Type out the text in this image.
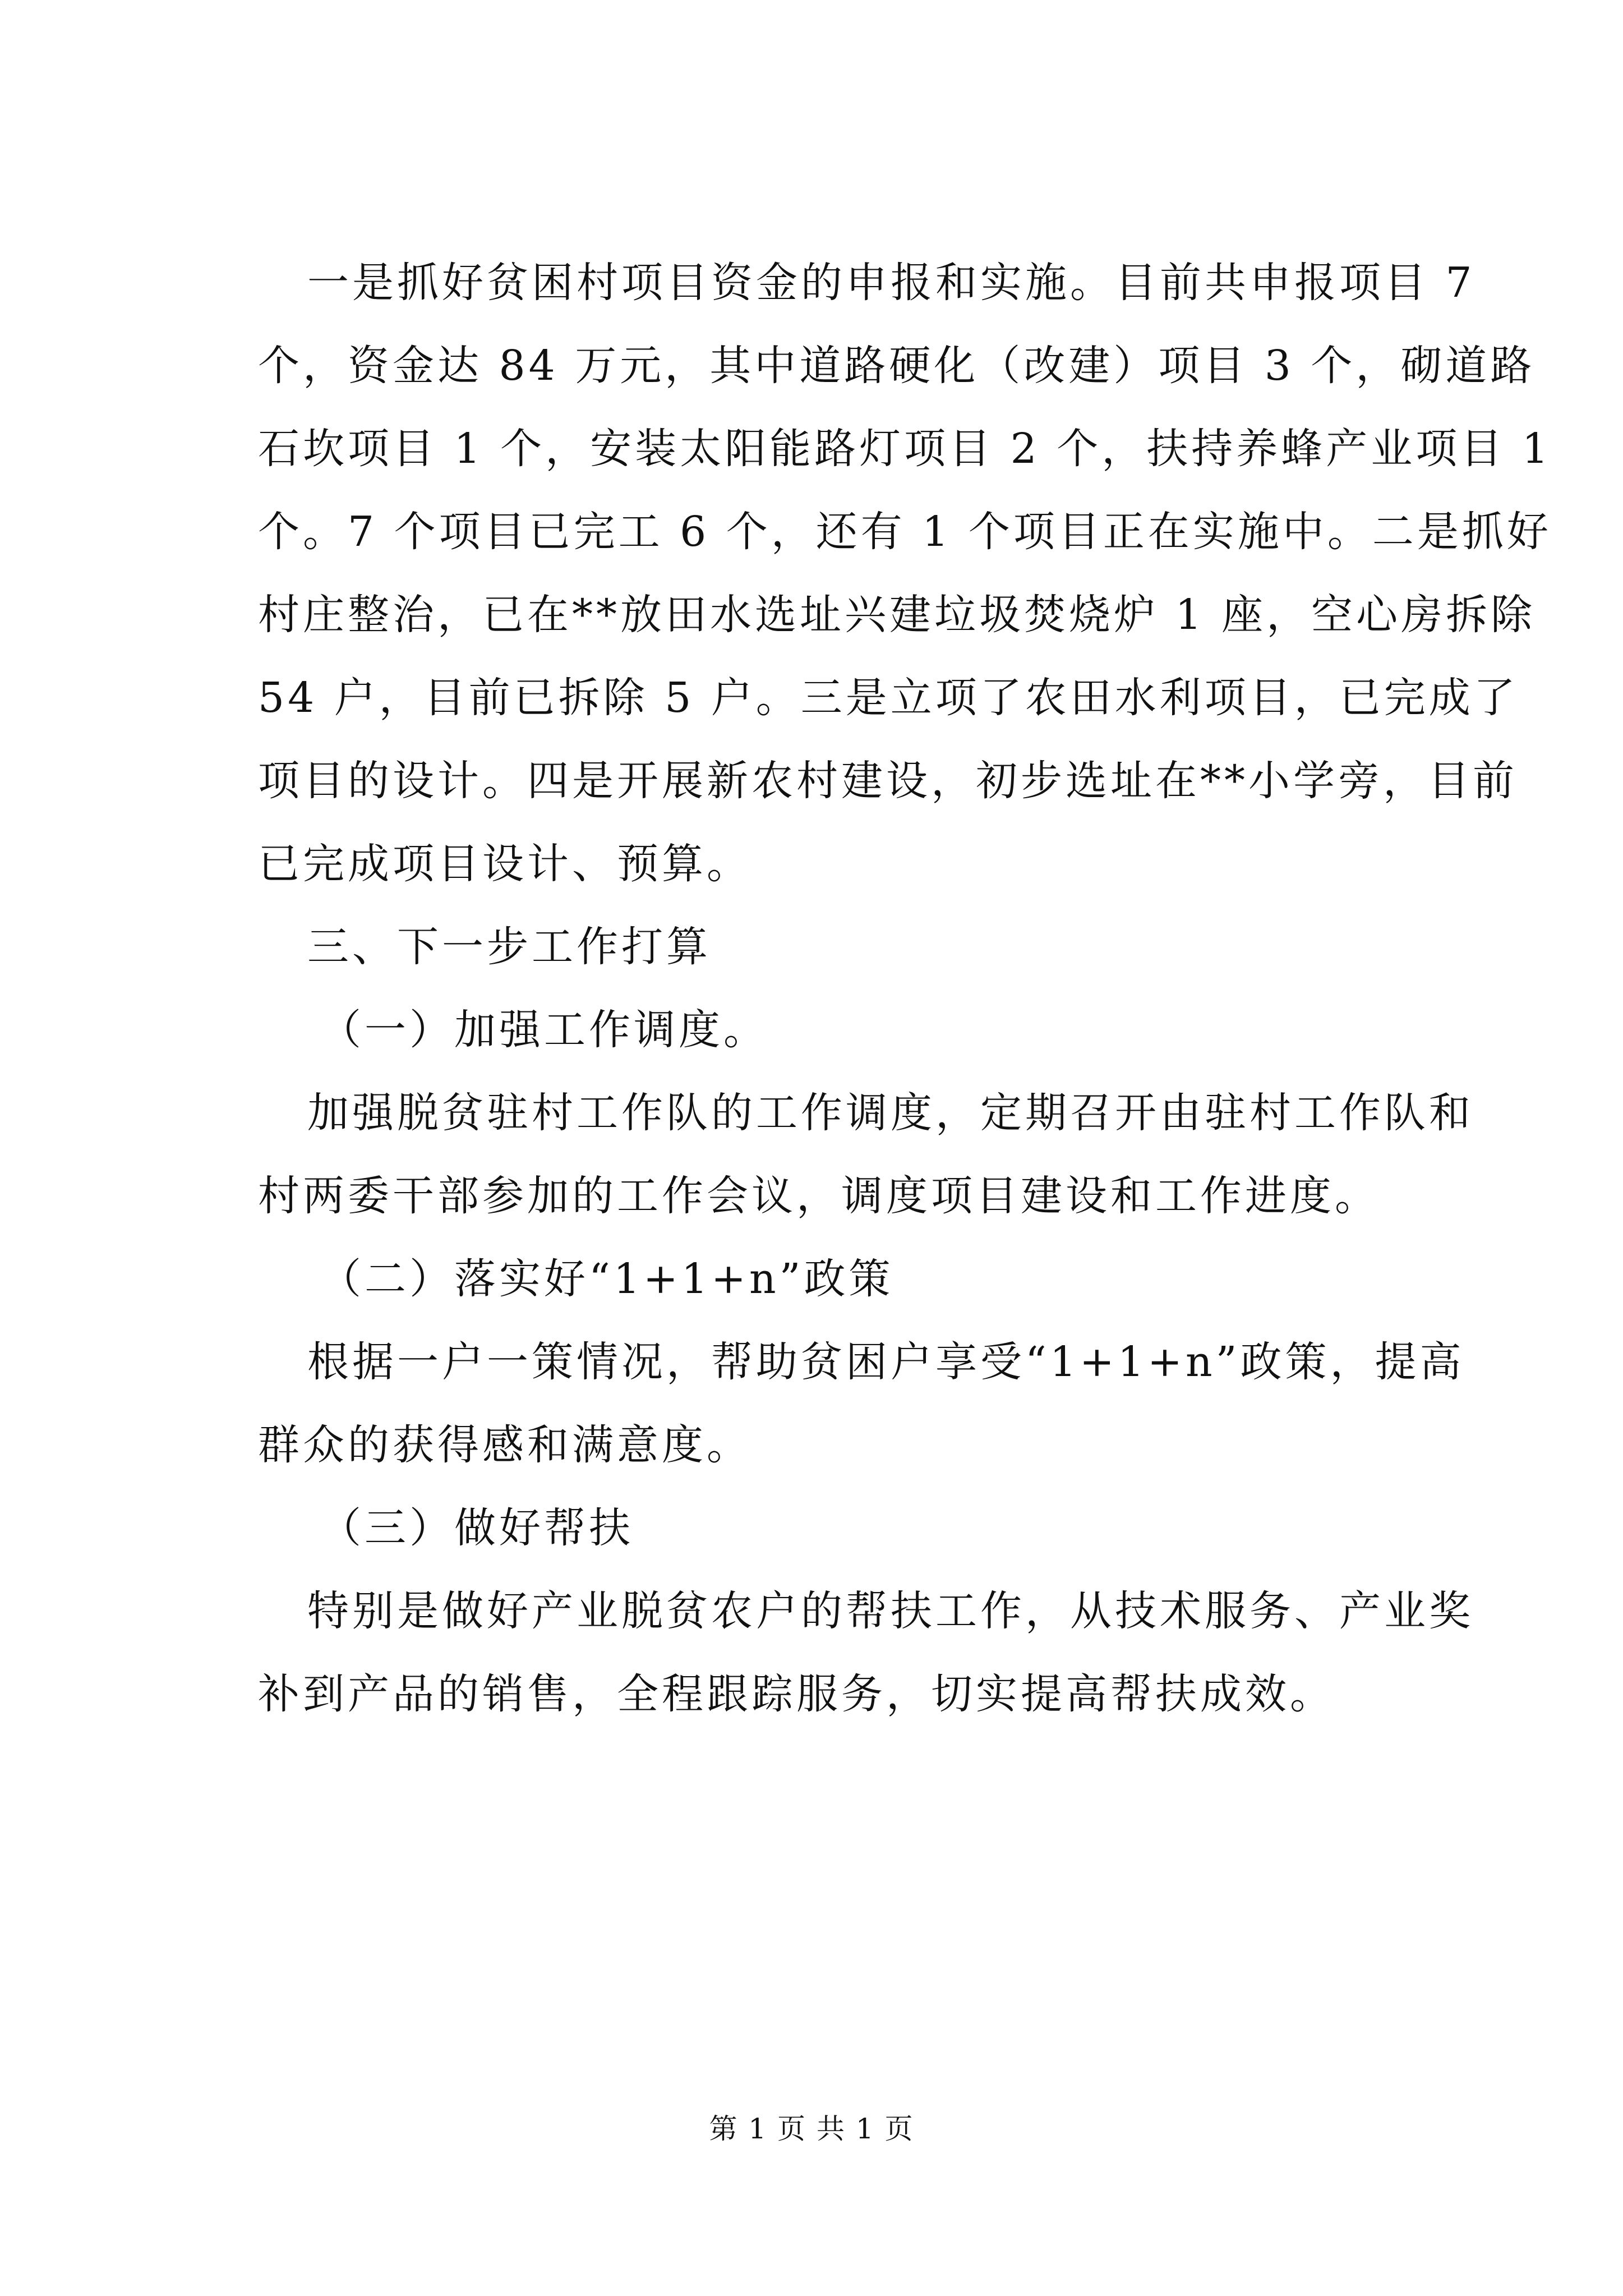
一是抓好贫困村项目资金的申报和实施。目前共申报项目 7
个，资金达 84 万元，其中道路硬化（改建）项目 3 个，砌道路
石坎项目 1 个，安装太阳能路灯项目 2 个，扶持养蜂产业项目 1
个。7 个项目已完工 6 个，还有 1 个项目正在实施中。二是抓好
村庄整治，已在**放田水选址兴建垃圾焚烧炉 1 座，空心房拆除
54 户，目前已拆除 5 户。三是立项了农田水利项目，已完成了
项目的设计。四是开展新农村建设，初步选址在**小学旁，目前
已完成项目设计、预算。
三、下一步工作打算
（一）加强工作调度。
加强脱贫驻村工作队的工作调度，定期召开由驻村工作队和
村两委干部参加的工作会议，调度项目建设和工作进度。
（二）落实好“1+1+n”政策
根据一户一策情况，帮助贫困户享受“1+1+n”政策，提高
群众的获得感和满意度。
（三）做好帮扶
特别是做好产业脱贫农户的帮扶工作，从技术服务、产业奖
补到产品的销售，全程跟踪服务，切实提高帮扶成效。
第 1 页 共 1 页
